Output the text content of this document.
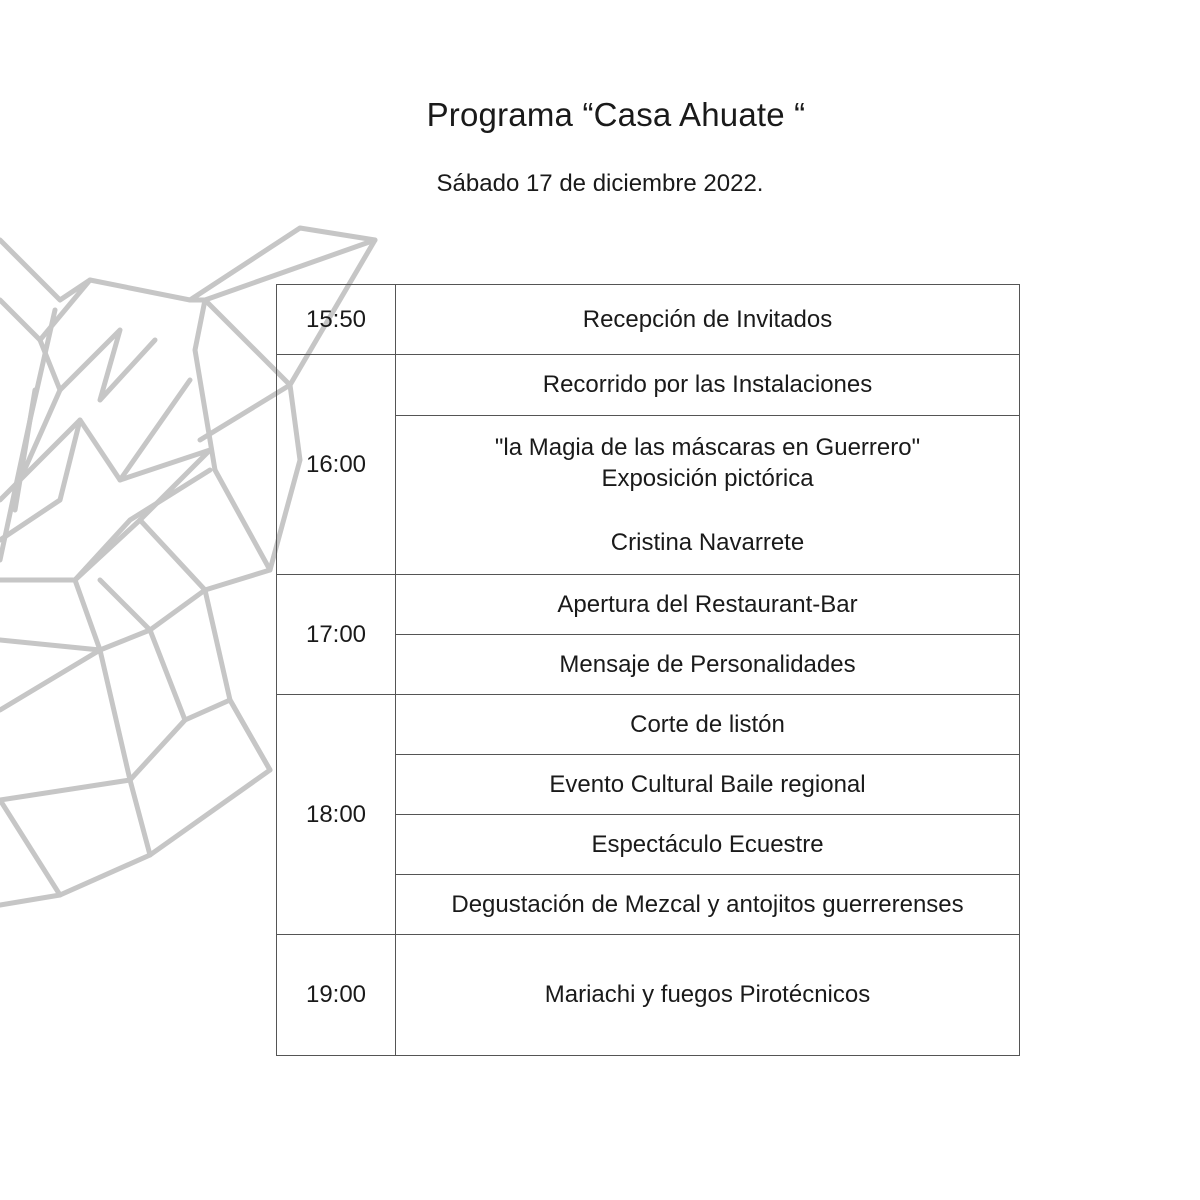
Programa “Casa Ahuate “
Sábado 17 de diciembre 2022.
15:50	Recepción de Invitados
16:00	Recorrido por las Instalaciones

	"la Magia de las máscaras en Guerrero"
Exposición pictórica
Cristina Navarrete

17:00	Apertura del Restaurant-Bar
	Mensaje de Personalidades
18:00	Corte de listón
	Evento Cultural Baile regional
	Espectáculo Ecuestre
	Degustación de Mezcal y antojitos guerrerenses
19:00	Mariachi y fuegos Pirotécnicos
